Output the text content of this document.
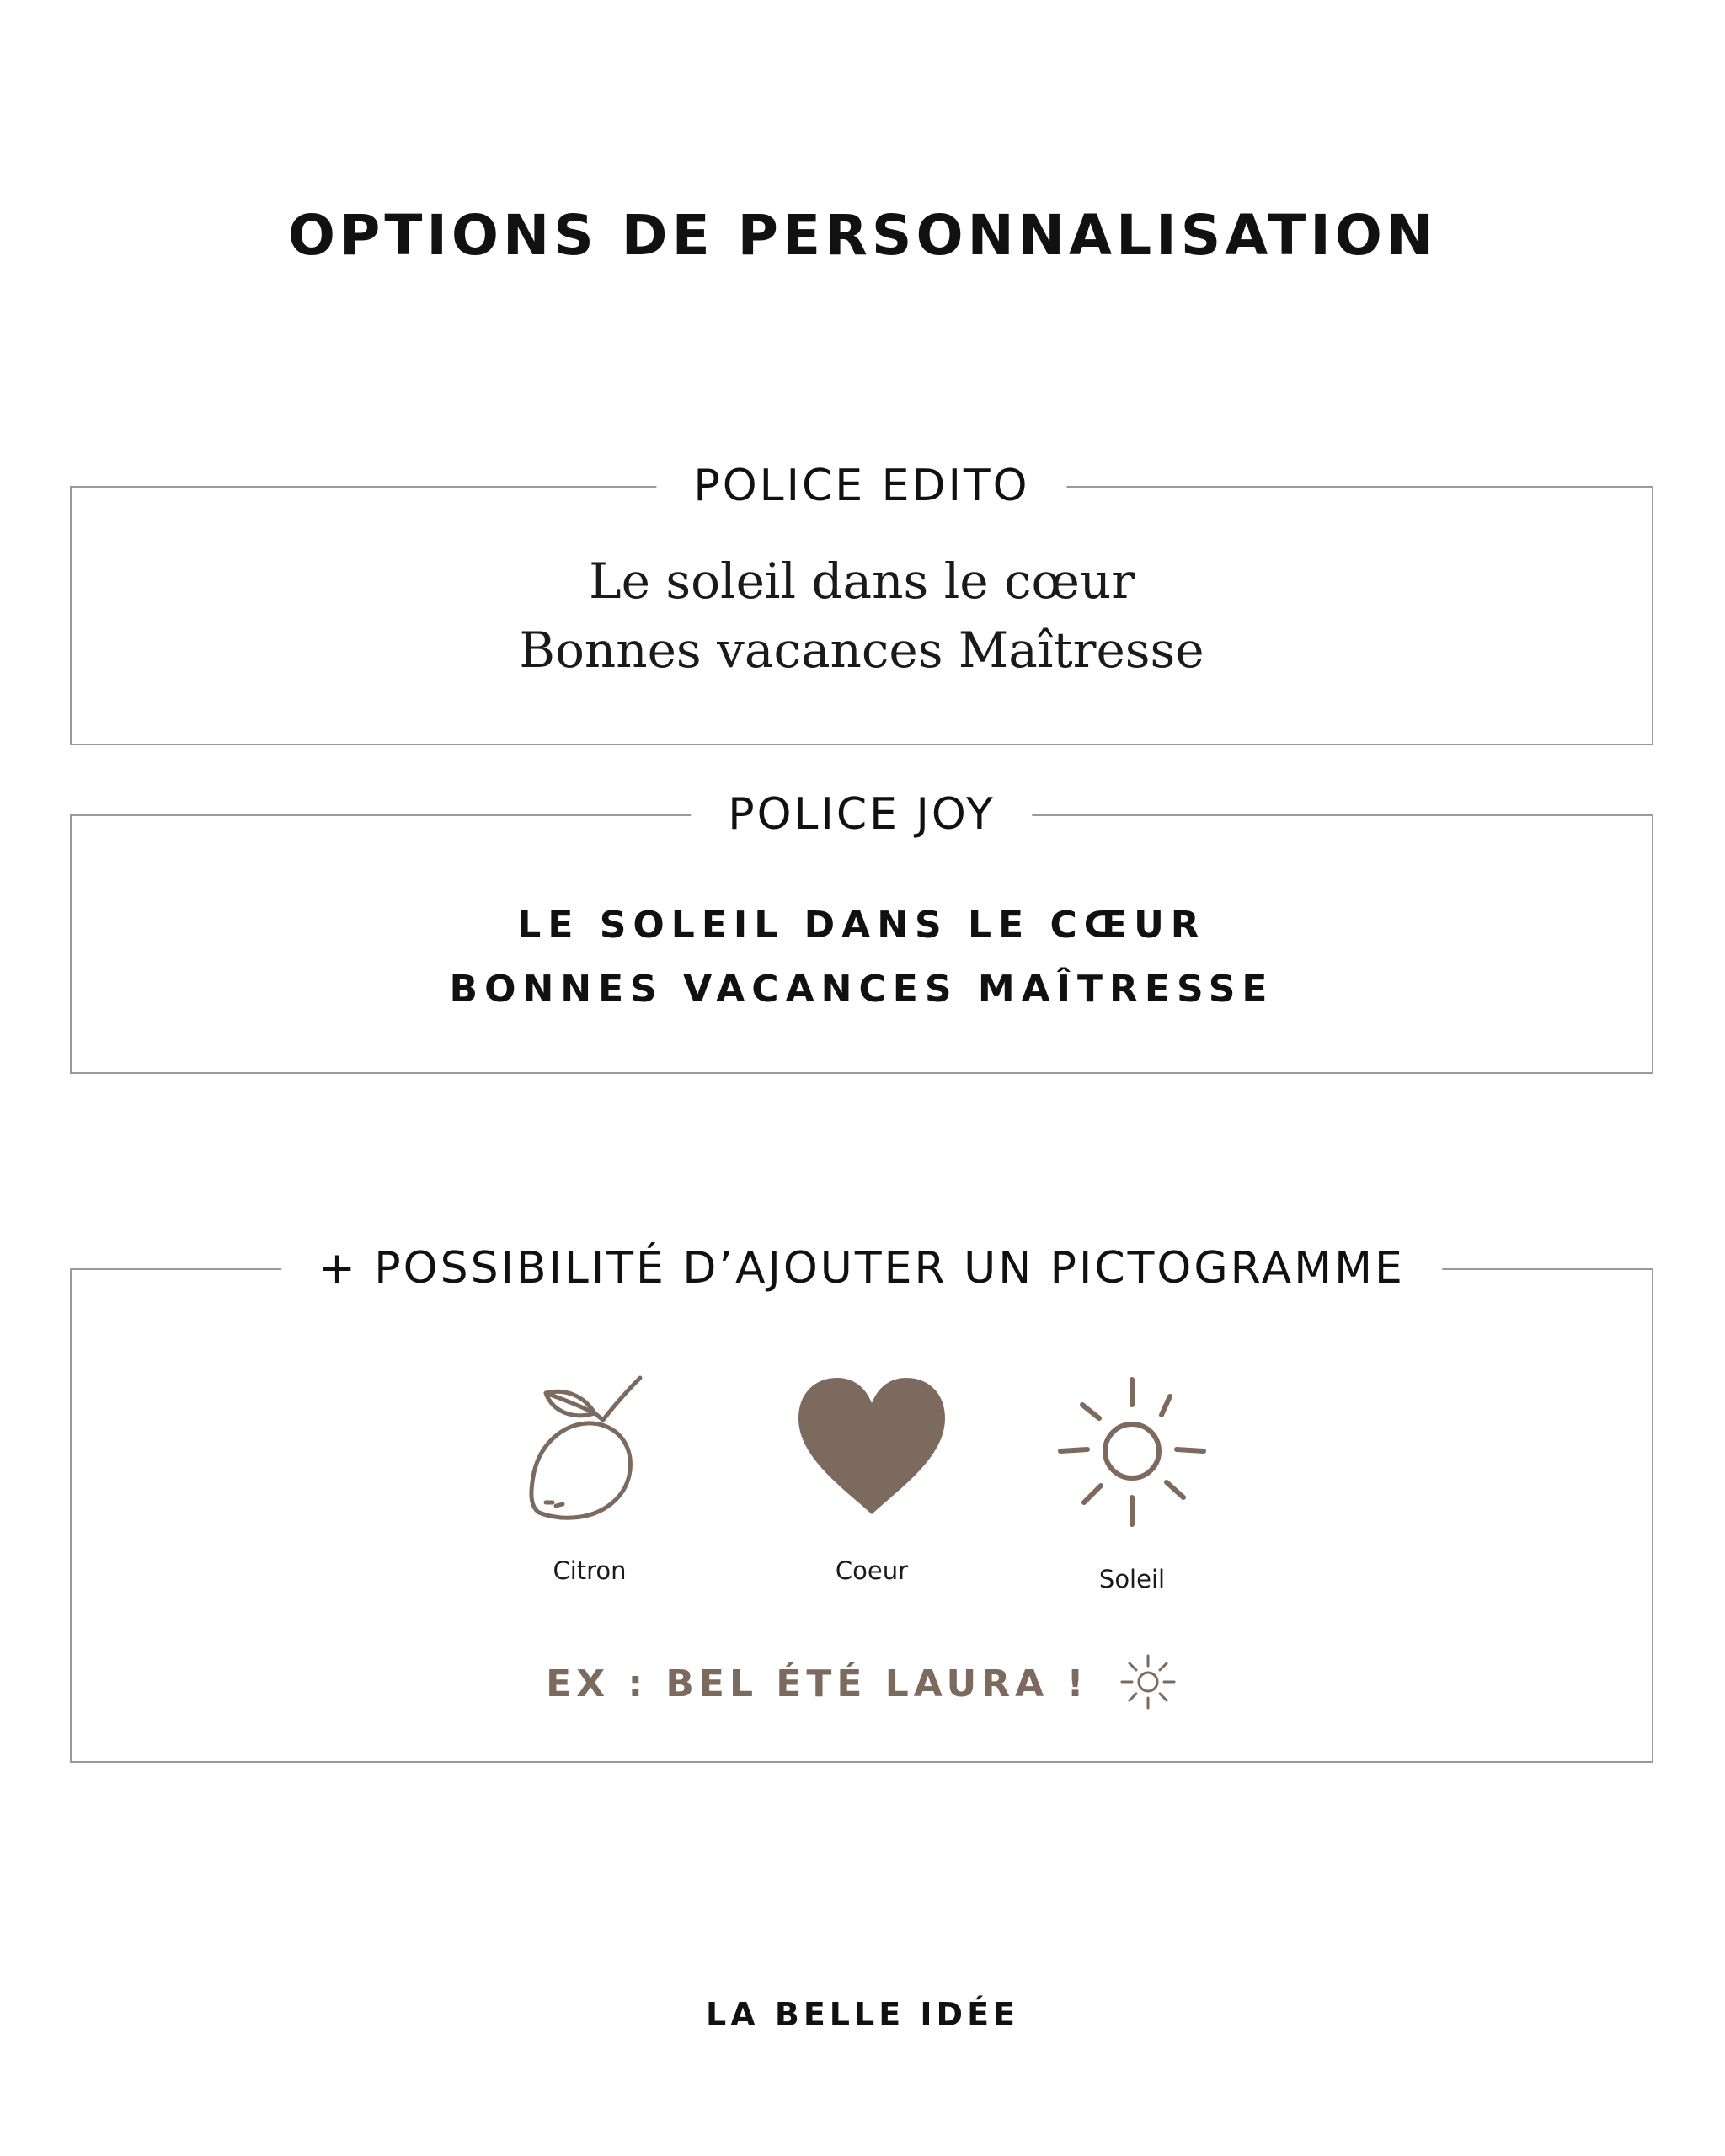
OPTIONS DE PERSONNALISATION
POLICE EDITO
Le soleil dans le cœur
Bonnes vacances Maîtresse
POLICE JOY
LE SOLEIL DANS LE CŒUR
BONNES VACANCES MAÎTRESSE
+ POSSIBILITÉ D’AJOUTER UN PICTOGRAMME
Citron	Coeur	Soleil
EX : BEL ÉTÉ LAURA !
LA BELLE IDÉE
